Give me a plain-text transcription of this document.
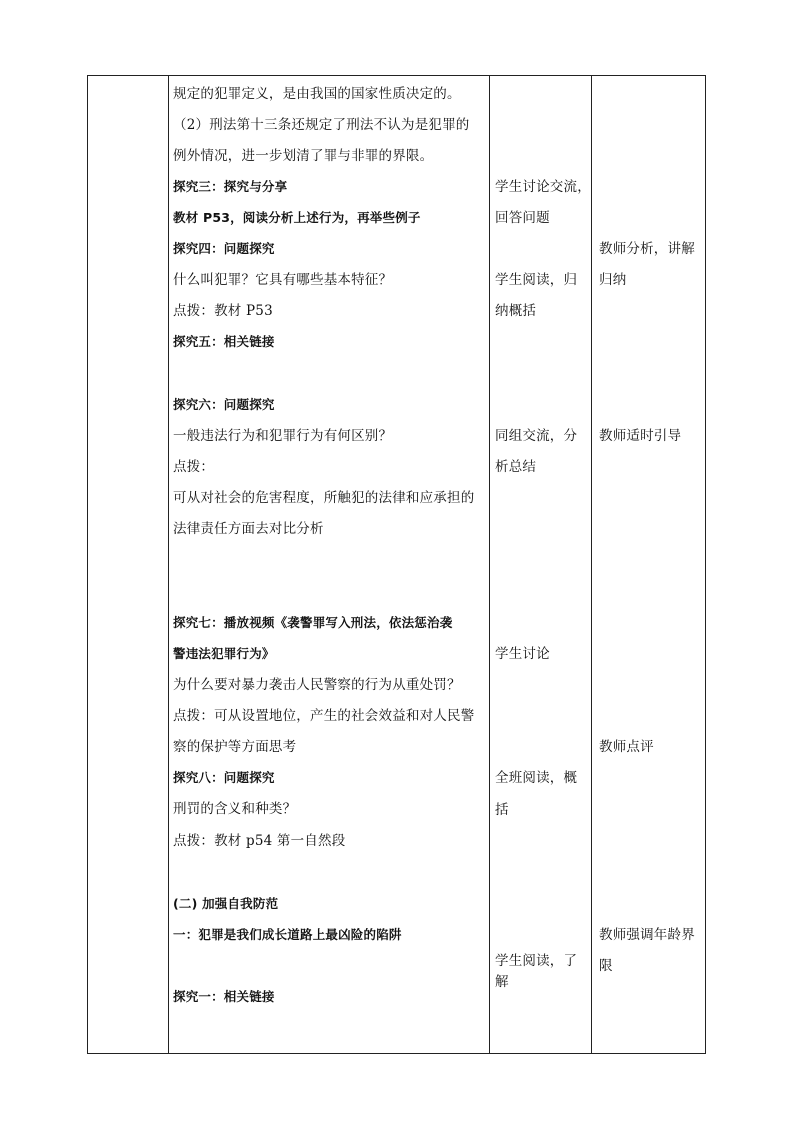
规定的犯罪定义，是由我国的国家性质决定的。
（2）刑法第十三条还规定了刑法不认为是犯罪的
例外情况，进一步划清了罪与非罪的界限。
探究三：探究与分享
教材 P53，阅读分析上述行为，再举些例子
探究四：问题探究
什么叫犯罪？它具有哪些基本特征？
点拨：教材 P53
探究五：相关链接
探究六：问题探究
一般违法行为和犯罪行为有何区别？
点拨：
可从对社会的危害程度，所触犯的法律和应承担的
法律责任方面去对比分析
探究七：播放视频《袭警罪写入刑法，依法惩治袭
警违法犯罪行为》
为什么要对暴力袭击人民警察的行为从重处罚？
点拨：可从设置地位，产生的社会效益和对人民警
察的保护等方面思考
探究八：问题探究
刑罚的含义和种类？
点拨：教材 p54 第一自然段
(二) 加强自我防范
一：犯罪是我们成长道路上最凶险的陷阱
探究一：相关链接
学生讨论交流，
回答问题
学生阅读，归
纳概括
同组交流，分
析总结
学生讨论
全班阅读，概
括
学生阅读，了
解
教师分析，讲解
归纳
教师适时引导
教师点评
教师强调年龄界
限
